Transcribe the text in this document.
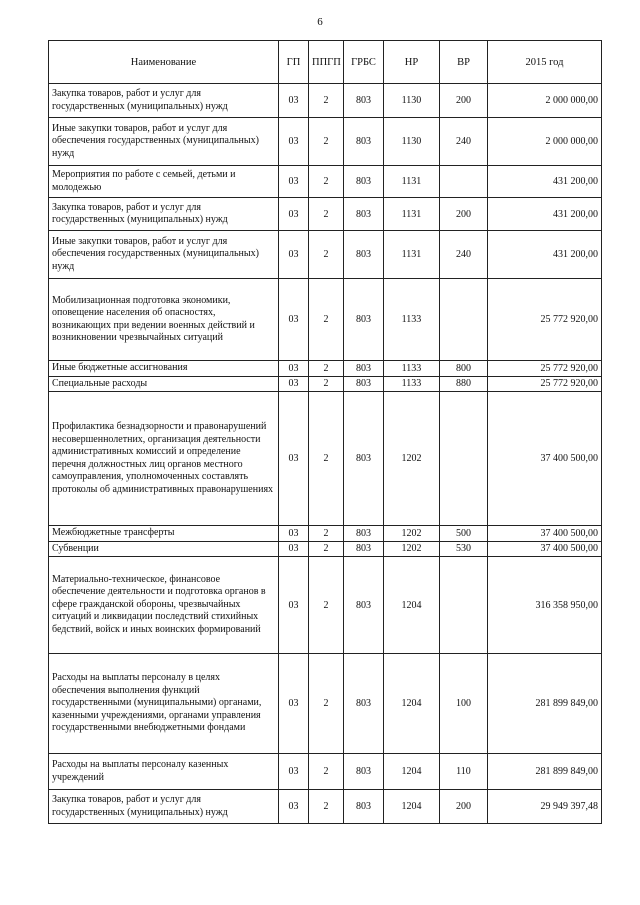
6
Наименование	ГП	ППГП	ГРБС	НР	ВР	2015 год
Закупка товаров, работ и услуг для государственных (муниципальных) нужд	03	2	803	1130	200	2 000 000,00
Иные закупки товаров, работ и услуг для обеспечения государственных (муниципальных) нужд	03	2	803	1130	240	2 000 000,00
Мероприятия по работе с семьей, детьми и молодежью	03	2	803	1131		431 200,00
Закупка товаров, работ и услуг для государственных (муниципальных) нужд	03	2	803	1131	200	431 200,00
Иные закупки товаров, работ и услуг для обеспечения государственных (муниципальных) нужд	03	2	803	1131	240	431 200,00
Мобилизационная подготовка экономики, оповещение населения об опасностях, возникающих при ведении военных действий и возникновении чрезвычайных ситуаций	03	2	803	1133		25 772 920,00
Иные бюджетные ассигнования	03	2	803	1133	800	25 772 920,00
Специальные расходы	03	2	803	1133	880	25 772 920,00
Профилактика безнадзорности и правонарушений несовершеннолетних, организация деятельности административных комиссий и определение перечня должностных лиц органов местного самоуправления, уполномоченных составлять протоколы об административных правонарушениях	03	2	803	1202		37 400 500,00
Межбюджетные трансферты	03	2	803	1202	500	37 400 500,00
Субвенции	03	2	803	1202	530	37 400 500,00
Материально-техническое, финансовое обеспечение деятельности и подготовка органов в сфере гражданской обороны, чрезвычайных ситуаций и ликвидации последствий стихийных бедствий, войск и иных воинских формирований	03	2	803	1204		316 358 950,00
Расходы на выплаты персоналу в целях обеспечения выполнения функций государственными (муниципальными) органами, казенными учреждениями, органами управления государственными внебюджетными фондами	03	2	803	1204	100	281 899 849,00
Расходы на выплаты персоналу казенных учреждений	03	2	803	1204	110	281 899 849,00
Закупка товаров, работ и услуг для государственных (муниципальных) нужд	03	2	803	1204	200	29 949 397,48
